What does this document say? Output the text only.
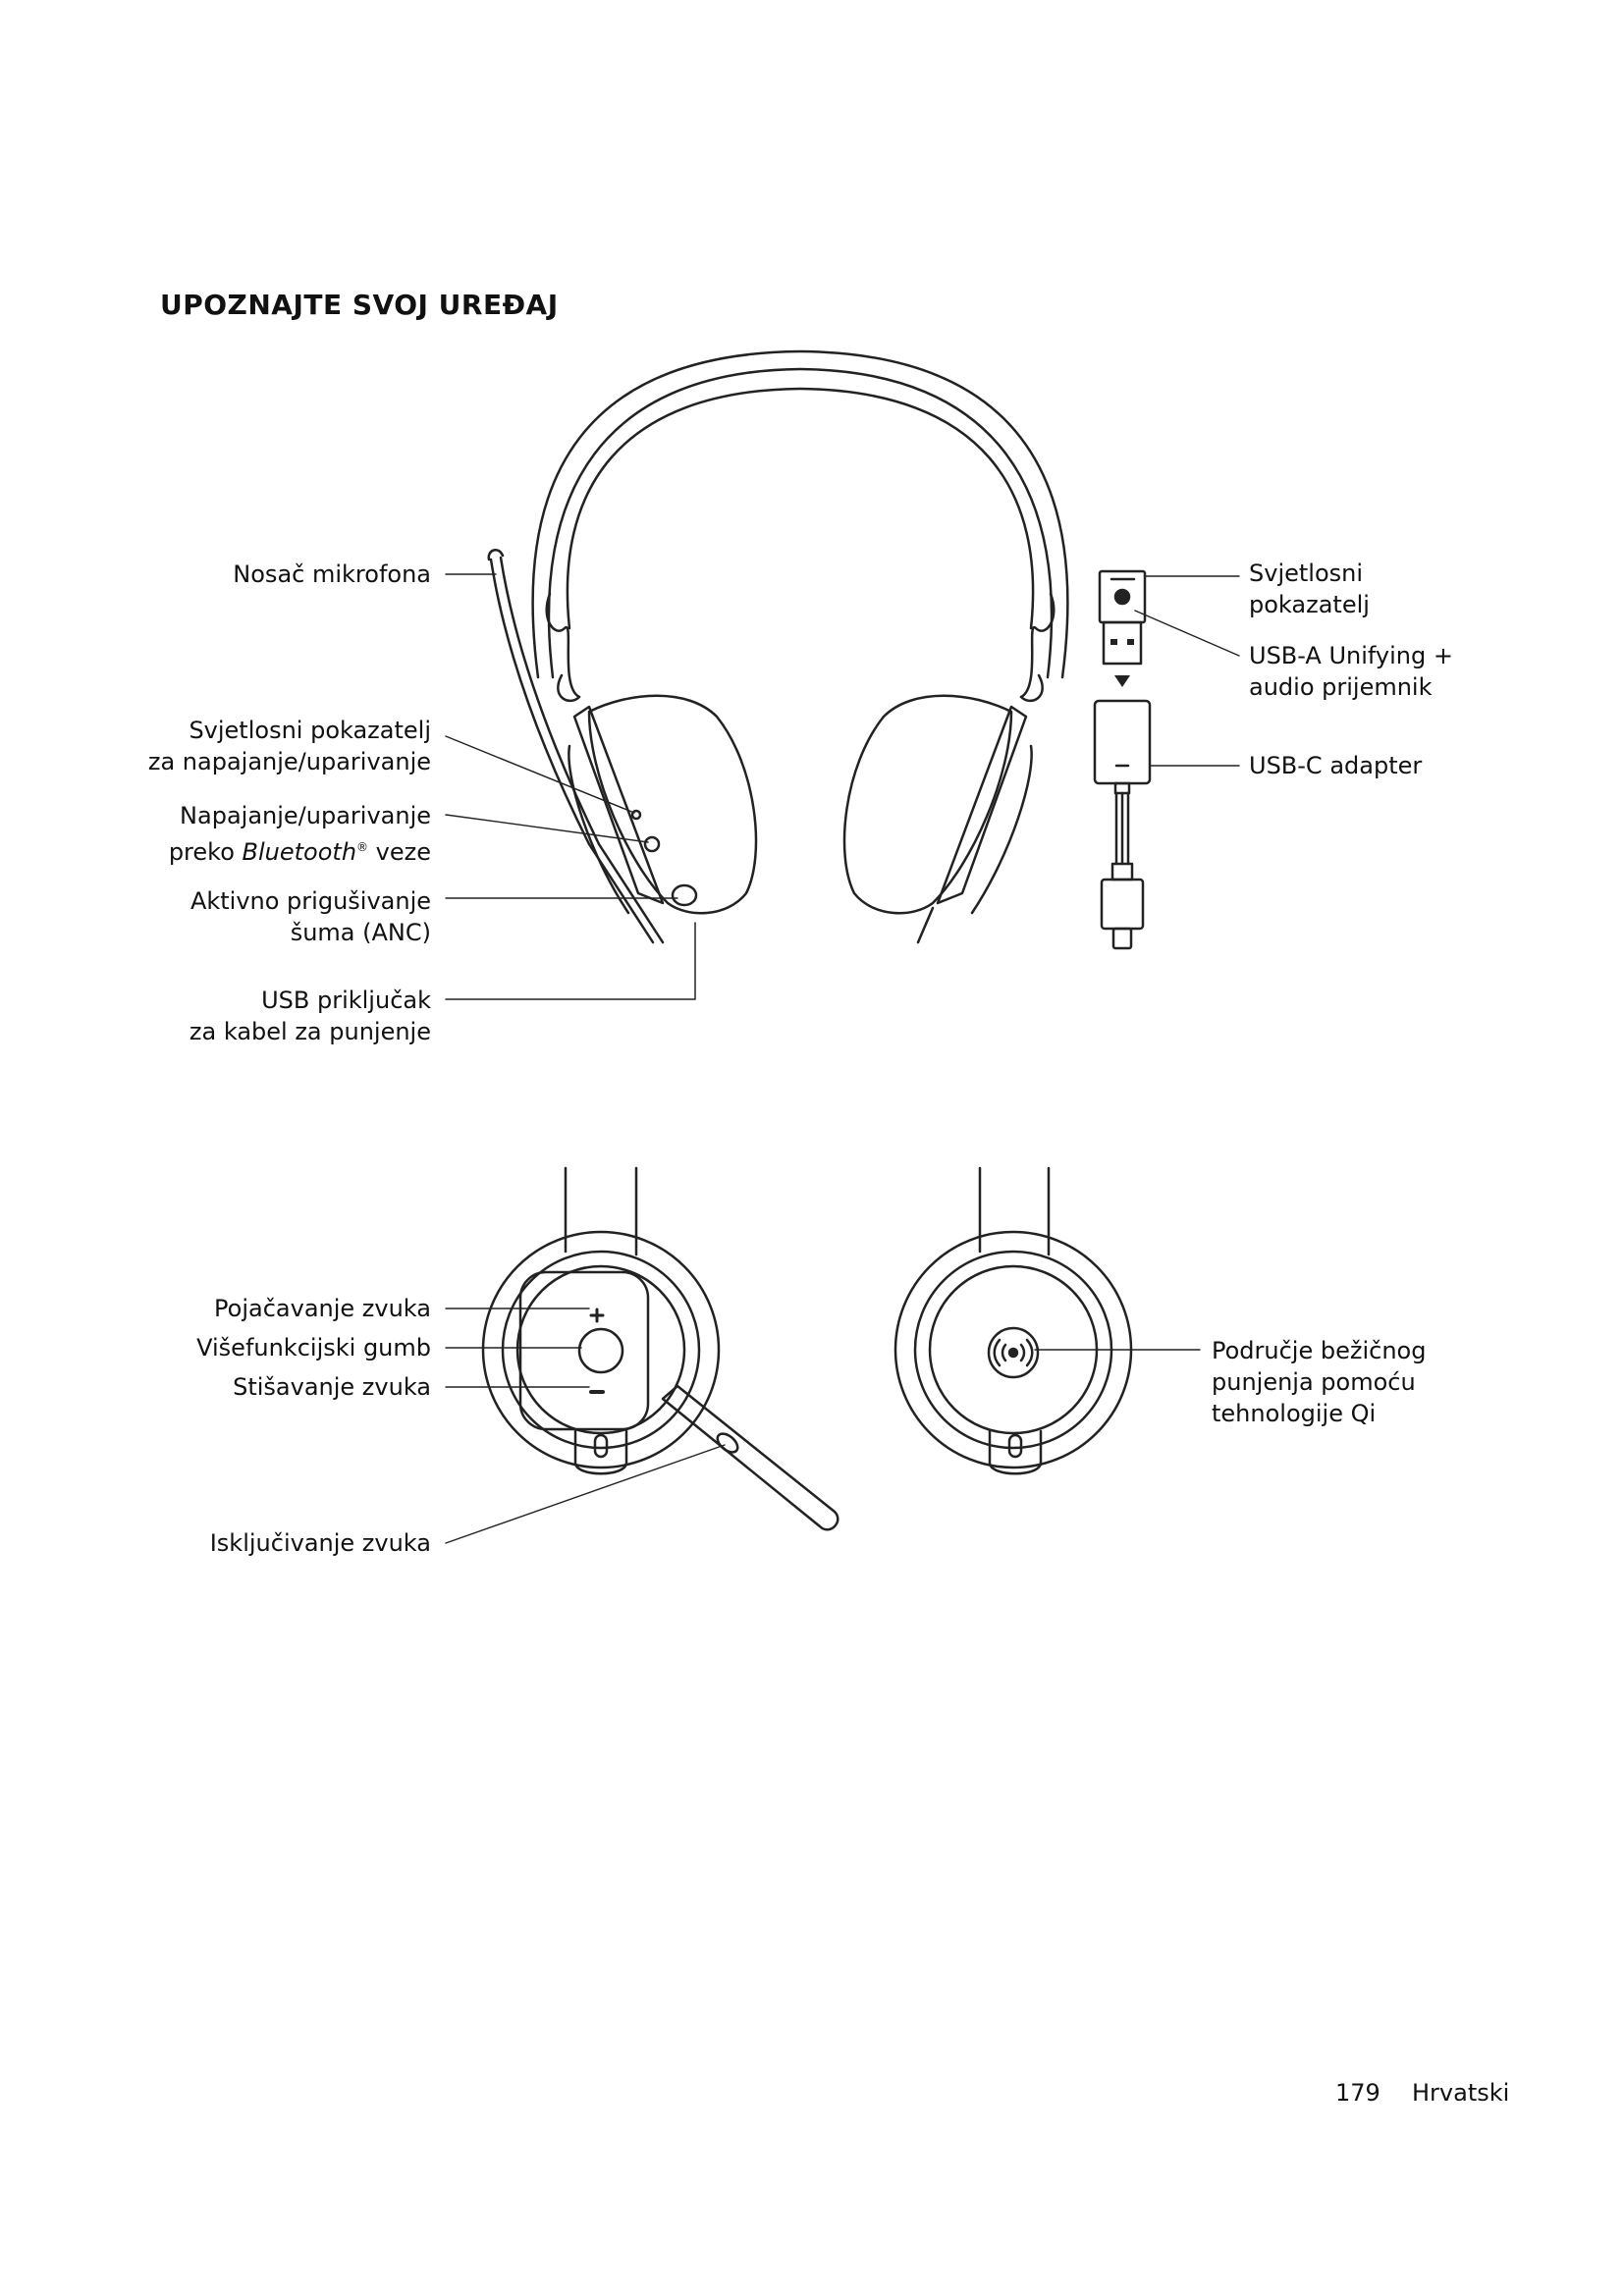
UPOZNAJTE SVOJ UREĐAJ
Nosač mikrofona
Svjetlosni pokazatelj
za napajanje/uparivanje
Napajanje/uparivanje
preko Bluetooth® veze
Aktivno prigušivanje
šuma (ANC)
USB priključak
za kabel za punjenje
Svjetlosni
pokazatelj
USB-A Unifying +
audio prijemnik
USB-C adapter
Pojačavanje zvuka
Višefunkcijski gumb
Stišavanje zvuka
Isključivanje zvuka
Područje bežičnog
punjenja pomoću
tehnologije Qi
179 Hrvatski
